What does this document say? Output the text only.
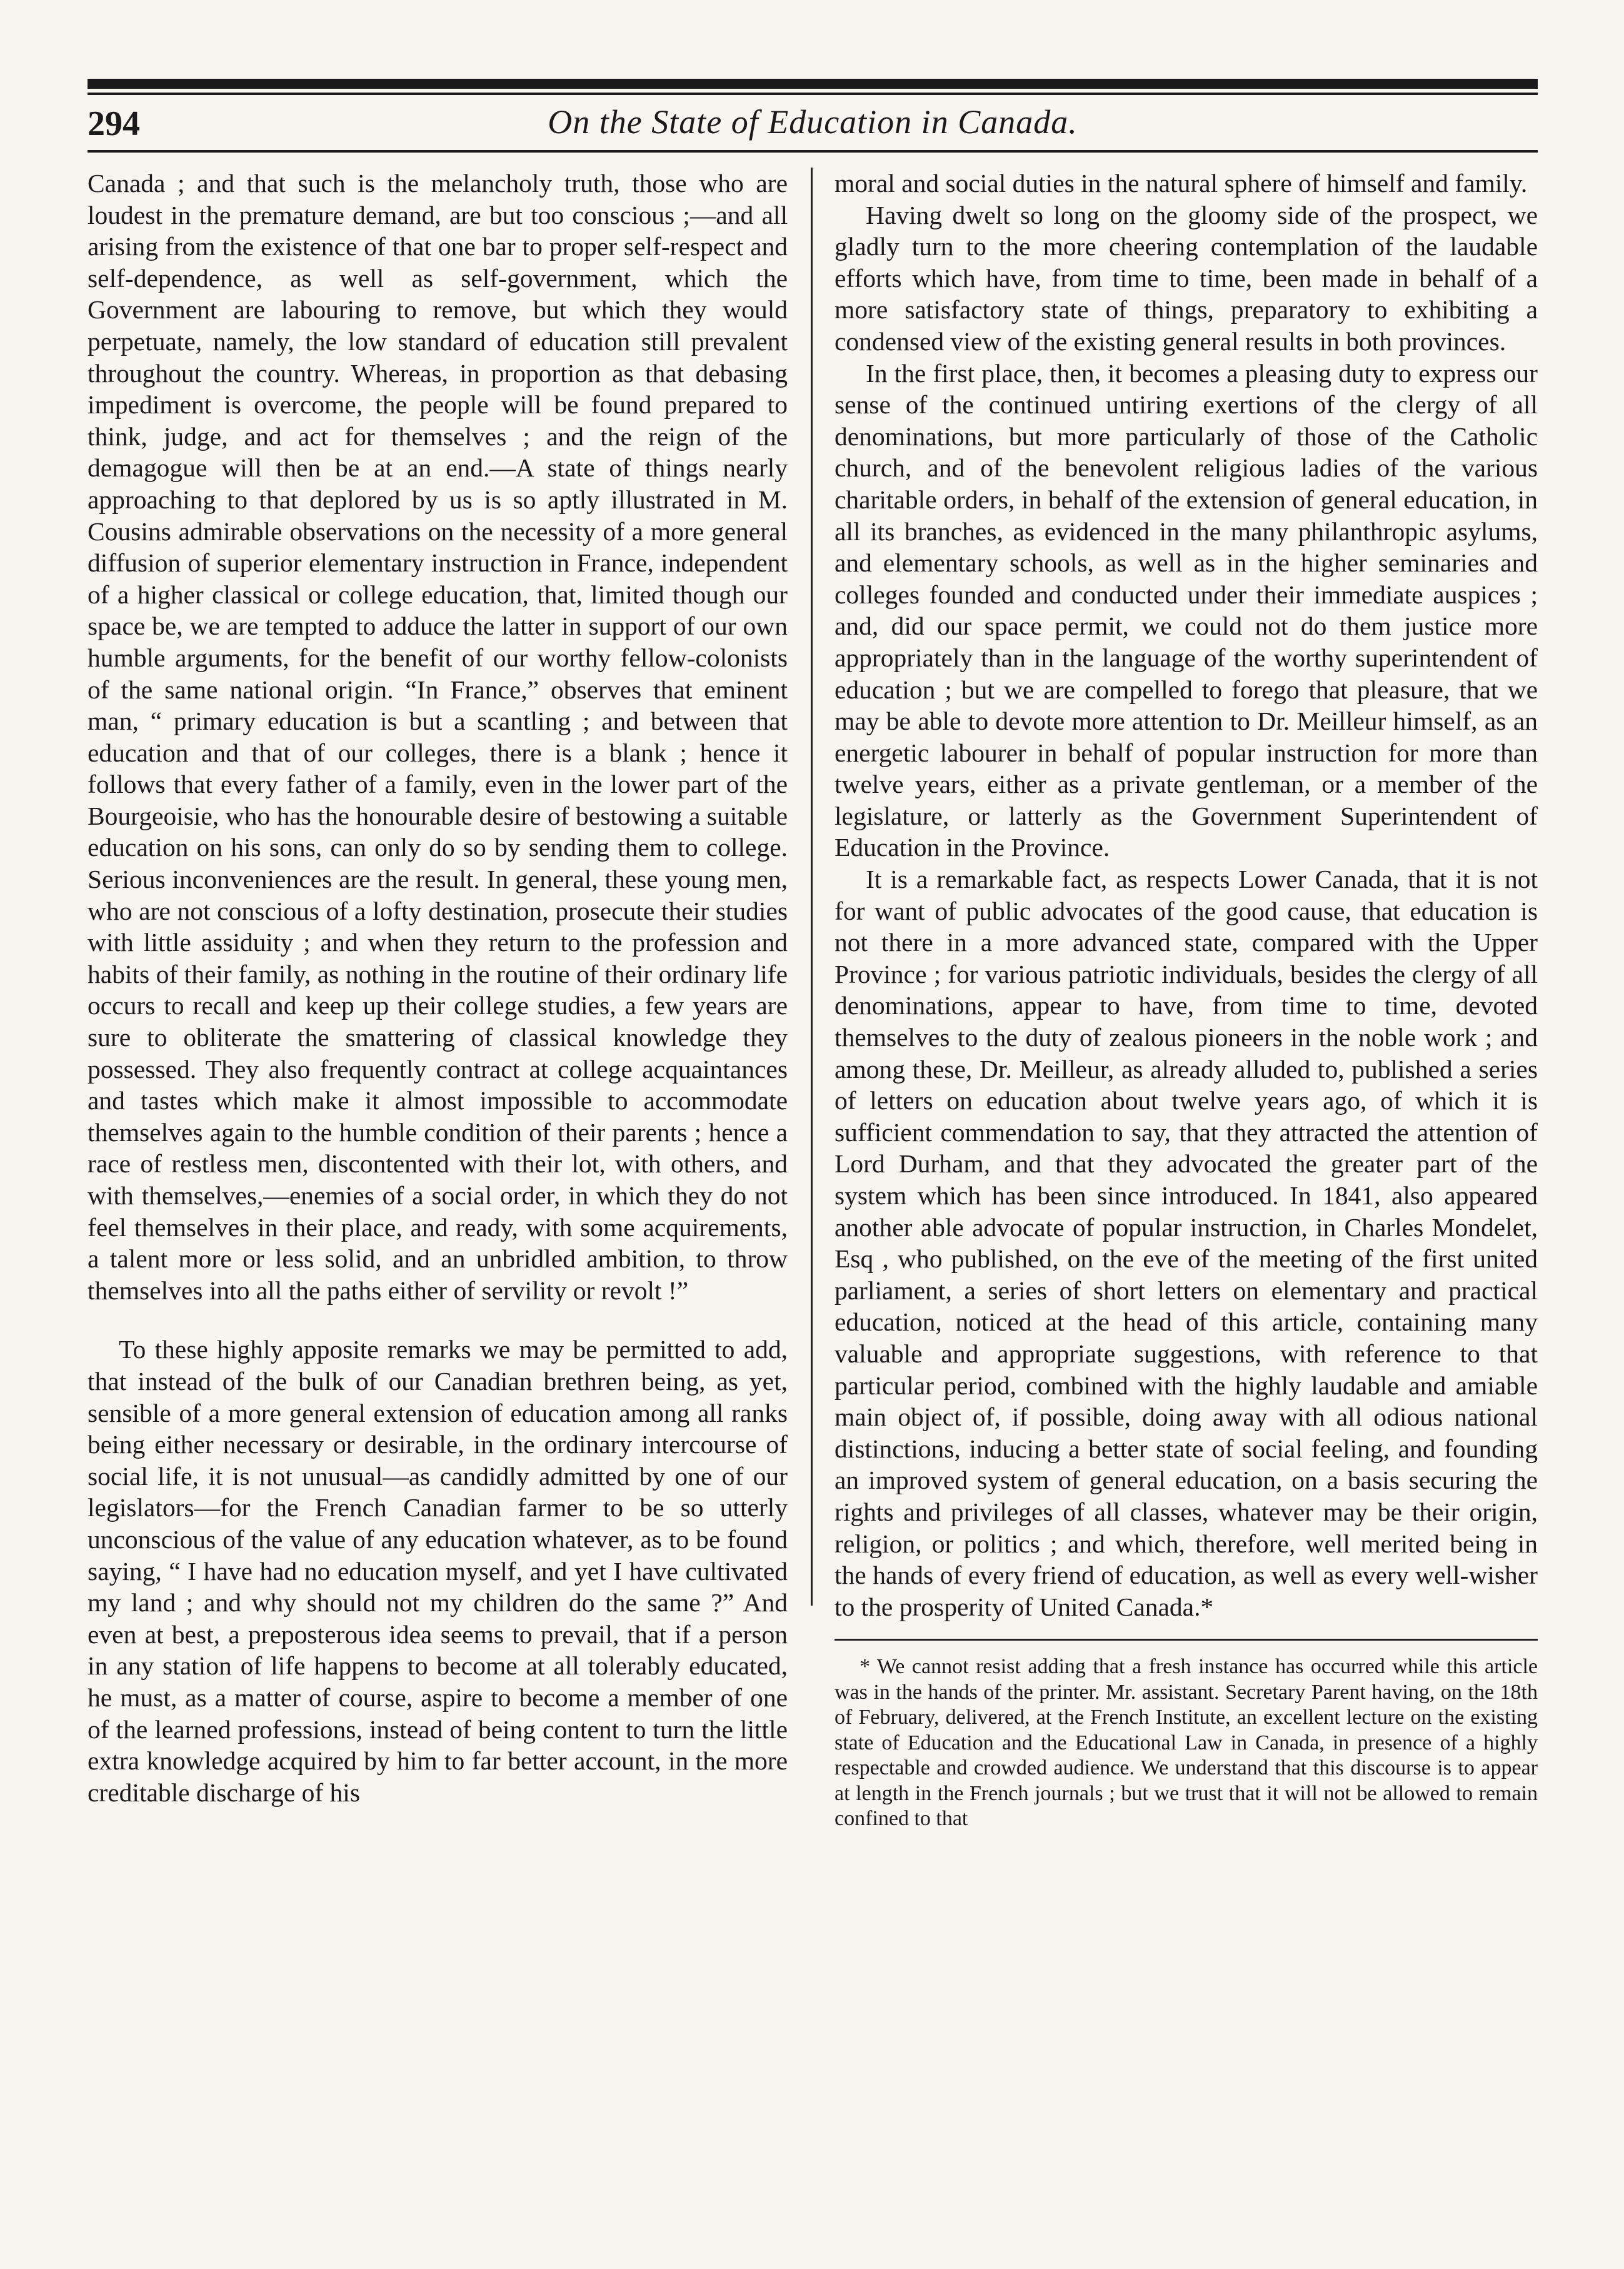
294	On the State of Education in Canada.

Canada ; and that such is the melancholy truth, those who are loudest in the premature demand, are but too conscious ;—and all arising from the existence of that one bar to proper self-respect and self-dependence, as well as self-government, which the Government are labouring to remove, but which they would perpetuate, namely, the low standard of education still prevalent throughout the country. Whereas, in proportion as that debasing impediment is overcome, the people will be found prepared to think, judge, and act for themselves ; and the reign of the demagogue will then be at an end.—A state of things nearly approaching to that deplored by us is so aptly illustrated in M. Cousins admirable observations on the necessity of a more general diffusion of superior elementary instruction in France, independent of a higher classical or college education, that, limited though our space be, we are tempted to adduce the latter in support of our own humble arguments, for the benefit of our worthy fellow-colonists of the same national origin. “In France,” observes that eminent man, “ primary education is but a scantling ; and between that education and that of our colleges, there is a blank ; hence it follows that every father of a family, even in the lower part of the Bourgeoisie, who has the honourable desire of bestowing a suitable education on his sons, can only do so by sending them to college. Serious inconveniences are the result. In general, these young men, who are not conscious of a lofty destination, prosecute their studies with little assiduity ; and when they return to the profession and habits of their family, as nothing in the routine of their ordinary life occurs to recall and keep up their college studies, a few years are sure to obliterate the smattering of classical knowledge they possessed. They also frequently contract at college acquaintances and tastes which make it almost impossible to accommodate themselves again to the humble condition of their parents ; hence a race of restless men, discontented with their lot, with others, and with themselves,—enemies of a social order, in which they do not feel themselves in their place, and ready, with some acquirements, a talent more or less solid, and an unbridled ambition, to throw themselves into all the paths either of servility or revolt !”

To these highly apposite remarks we may be permitted to add, that instead of the bulk of our Canadian brethren being, as yet, sensible of a more general extension of education among all ranks being either necessary or desirable, in the ordinary intercourse of social life, it is not unusual—as candidly admitted by one of our legislators—for the French Canadian farmer to be so utterly unconscious of the value of any education whatever, as to be found saying, “ I have had no education myself, and yet I have cultivated my land ; and why should not my children do the same ?” And even at best, a preposterous idea seems to prevail, that if a person in any station of life happens to become at all tolerably educated, he must, as a matter of course, aspire to become a member of one of the learned professions, instead of being content to turn the little extra knowledge acquired by him to far better account, in the more creditable discharge of his

moral and social duties in the natural sphere of himself and family.

Having dwelt so long on the gloomy side of the prospect, we gladly turn to the more cheering contemplation of the laudable efforts which have, from time to time, been made in behalf of a more satisfactory state of things, preparatory to exhibiting a condensed view of the existing general results in both provinces.

In the first place, then, it becomes a pleasing duty to express our sense of the continued untiring exertions of the clergy of all denominations, but more particularly of those of the Catholic church, and of the benevolent religious ladies of the various charitable orders, in behalf of the extension of general education, in all its branches, as evidenced in the many philanthropic asylums, and elementary schools, as well as in the higher seminaries and colleges founded and conducted under their immediate auspices ; and, did our space permit, we could not do them justice more appropriately than in the language of the worthy superintendent of education ; but we are compelled to forego that pleasure, that we may be able to devote more attention to Dr. Meilleur himself, as an energetic labourer in behalf of popular instruction for more than twelve years, either as a private gentleman, or a member of the legislature, or latterly as the Government Superintendent of Education in the Province.

It is a remarkable fact, as respects Lower Canada, that it is not for want of public advocates of the good cause, that education is not there in a more advanced state, compared with the Upper Province ; for various patriotic individuals, besides the clergy of all denominations, appear to have, from time to time, devoted themselves to the duty of zealous pioneers in the noble work ; and among these, Dr. Meilleur, as already alluded to, published a series of letters on education about twelve years ago, of which it is sufficient commendation to say, that they attracted the attention of Lord Durham, and that they advocated the greater part of the system which has been since introduced. In 1841, also appeared another able advocate of popular instruction, in Charles Mondelet, Esq , who published, on the eve of the meeting of the first united parliament, a series of short letters on elementary and practical education, noticed at the head of this article, containing many valuable and appropriate suggestions, with reference to that particular period, combined with the highly laudable and amiable main object of, if possible, doing away with all odious national distinctions, inducing a better state of social feeling, and founding an improved system of general education, on a basis securing the rights and privileges of all classes, whatever may be their origin, religion, or politics ; and which, therefore, well merited being in the hands of every friend of education, as well as every well-wisher to the prosperity of United Canada.*

* We cannot resist adding that a fresh instance has occurred while this article was in the hands of the printer. Mr. assistant. Secretary Parent having, on the 18th of February, delivered, at the French Institute, an excellent lecture on the existing state of Education and the Educational Law in Canada, in presence of a highly respectable and crowded audience. We understand that this discourse is to appear at length in the French journals ; but we trust that it will not be allowed to remain confined to that
